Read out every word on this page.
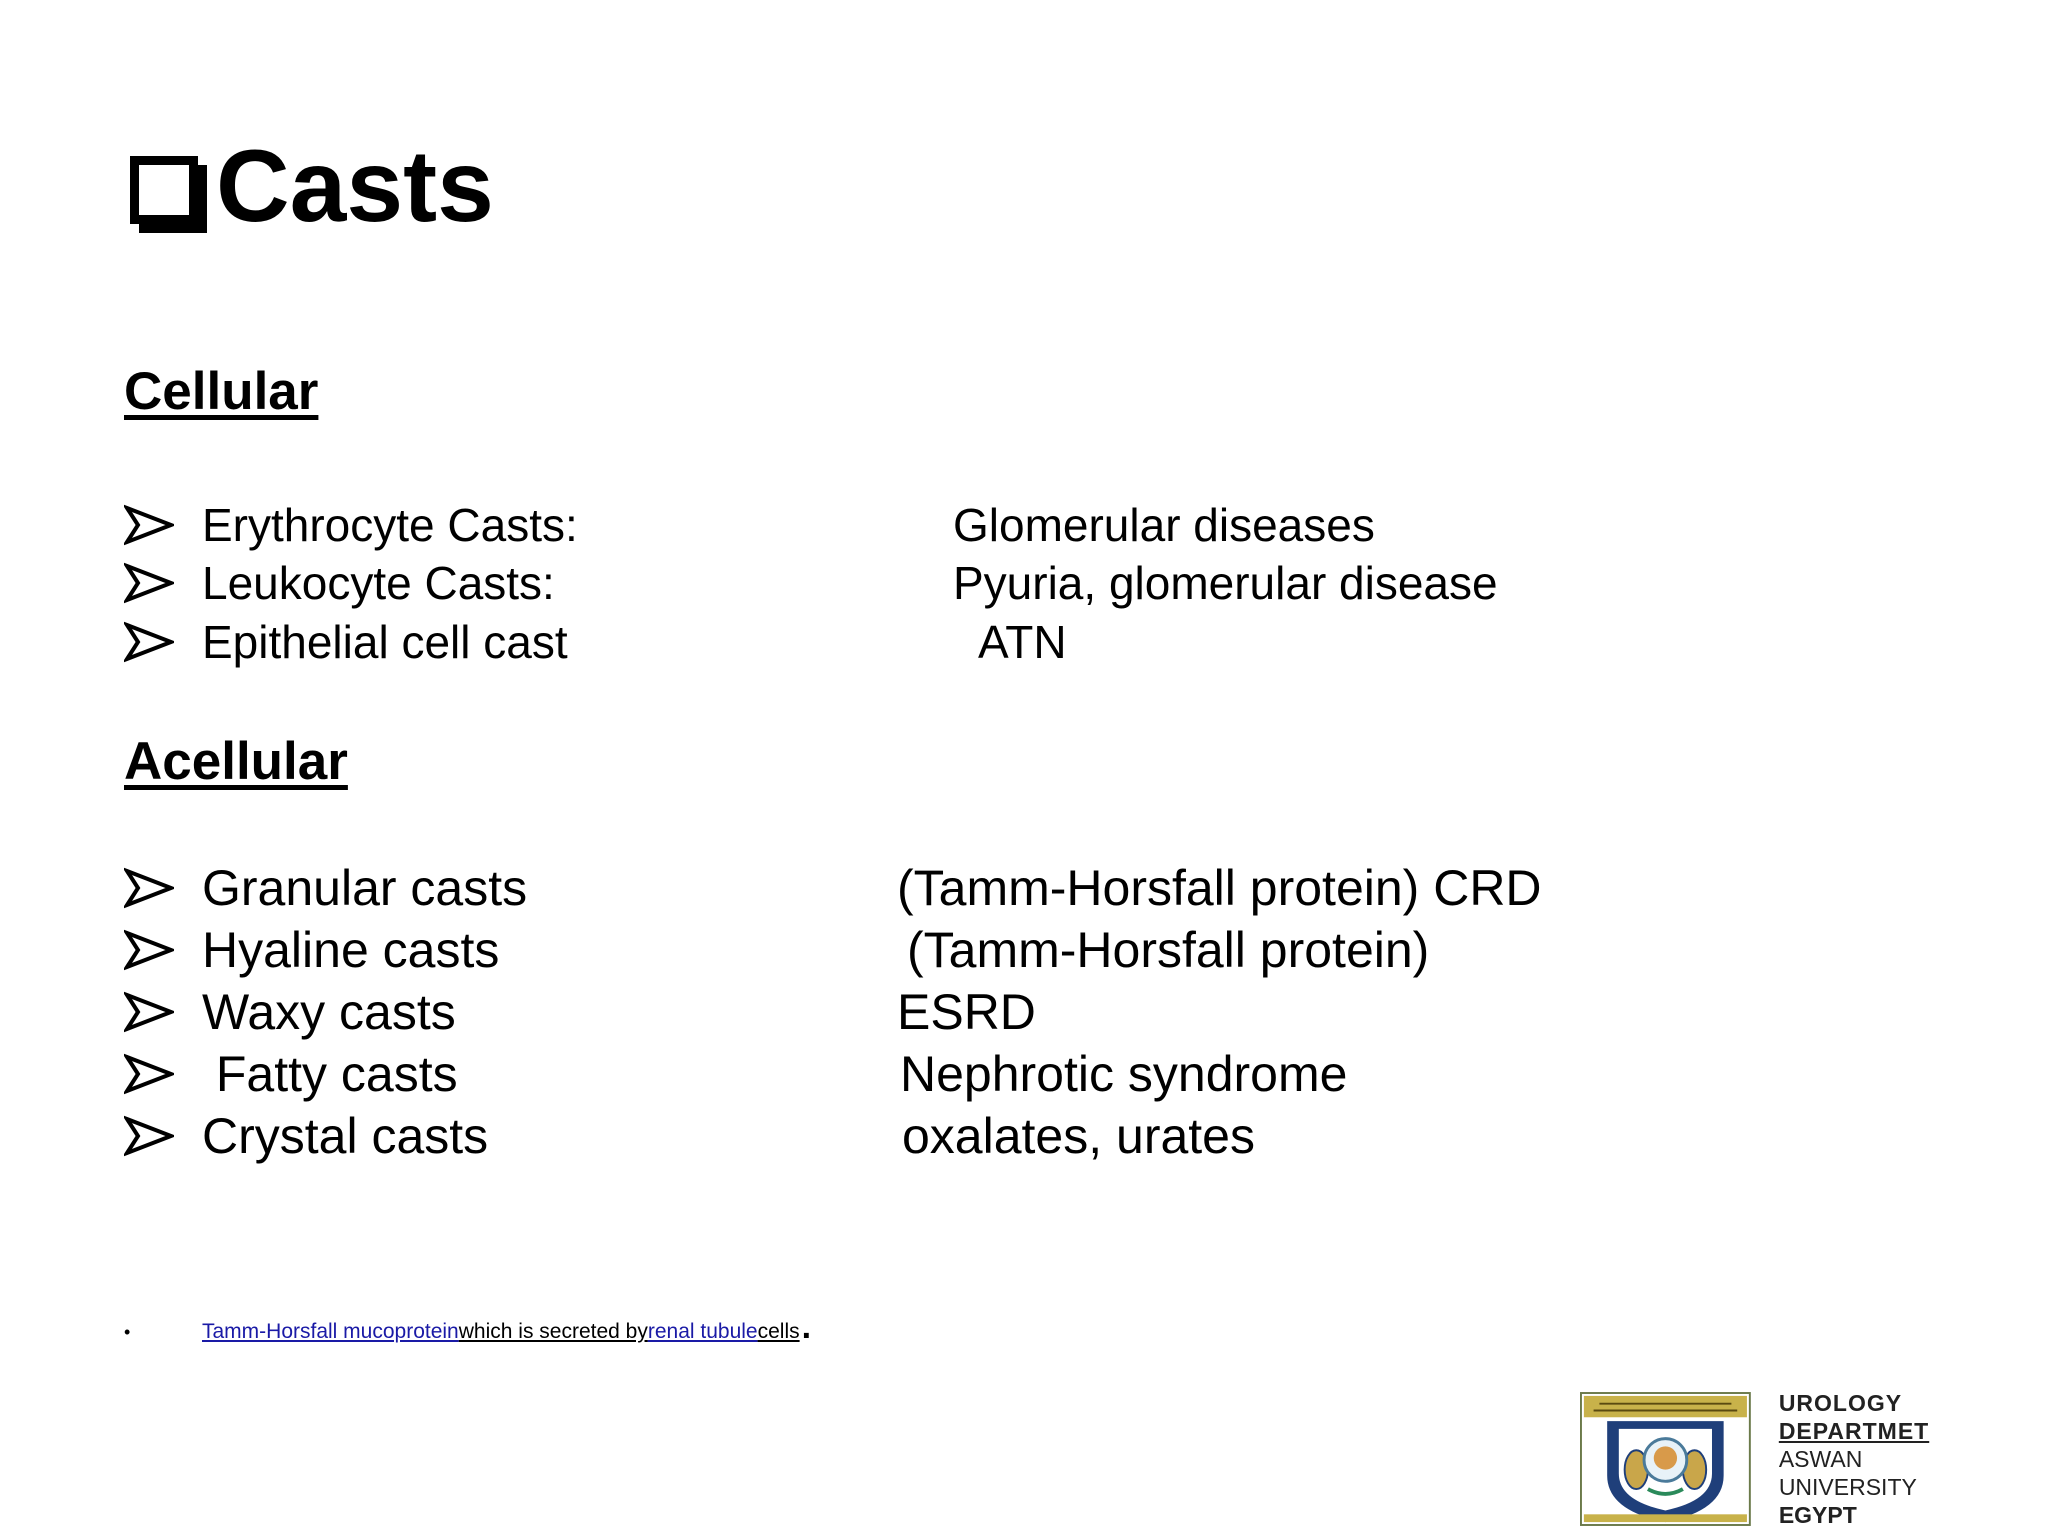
Casts
Cellular
Erythrocyte Casts:	Glomerular diseases
Leukocyte Casts:	Pyuria, glomerular disease
Epithelial cell cast	ATN
Acellular
Granular casts	(Tamm-Horsfall protein) CRD
Hyaline casts	(Tamm-Horsfall protein)
Waxy casts	ESRD
Fatty casts	Nephrotic syndrome
Crystal casts	oxalates, urates
•	Tamm-Horsfall mucoprotein which is secreted by renal tubule cells .
UROLOGY
DEPARTMET
ASWAN UNIVERSITY
EGYPT
